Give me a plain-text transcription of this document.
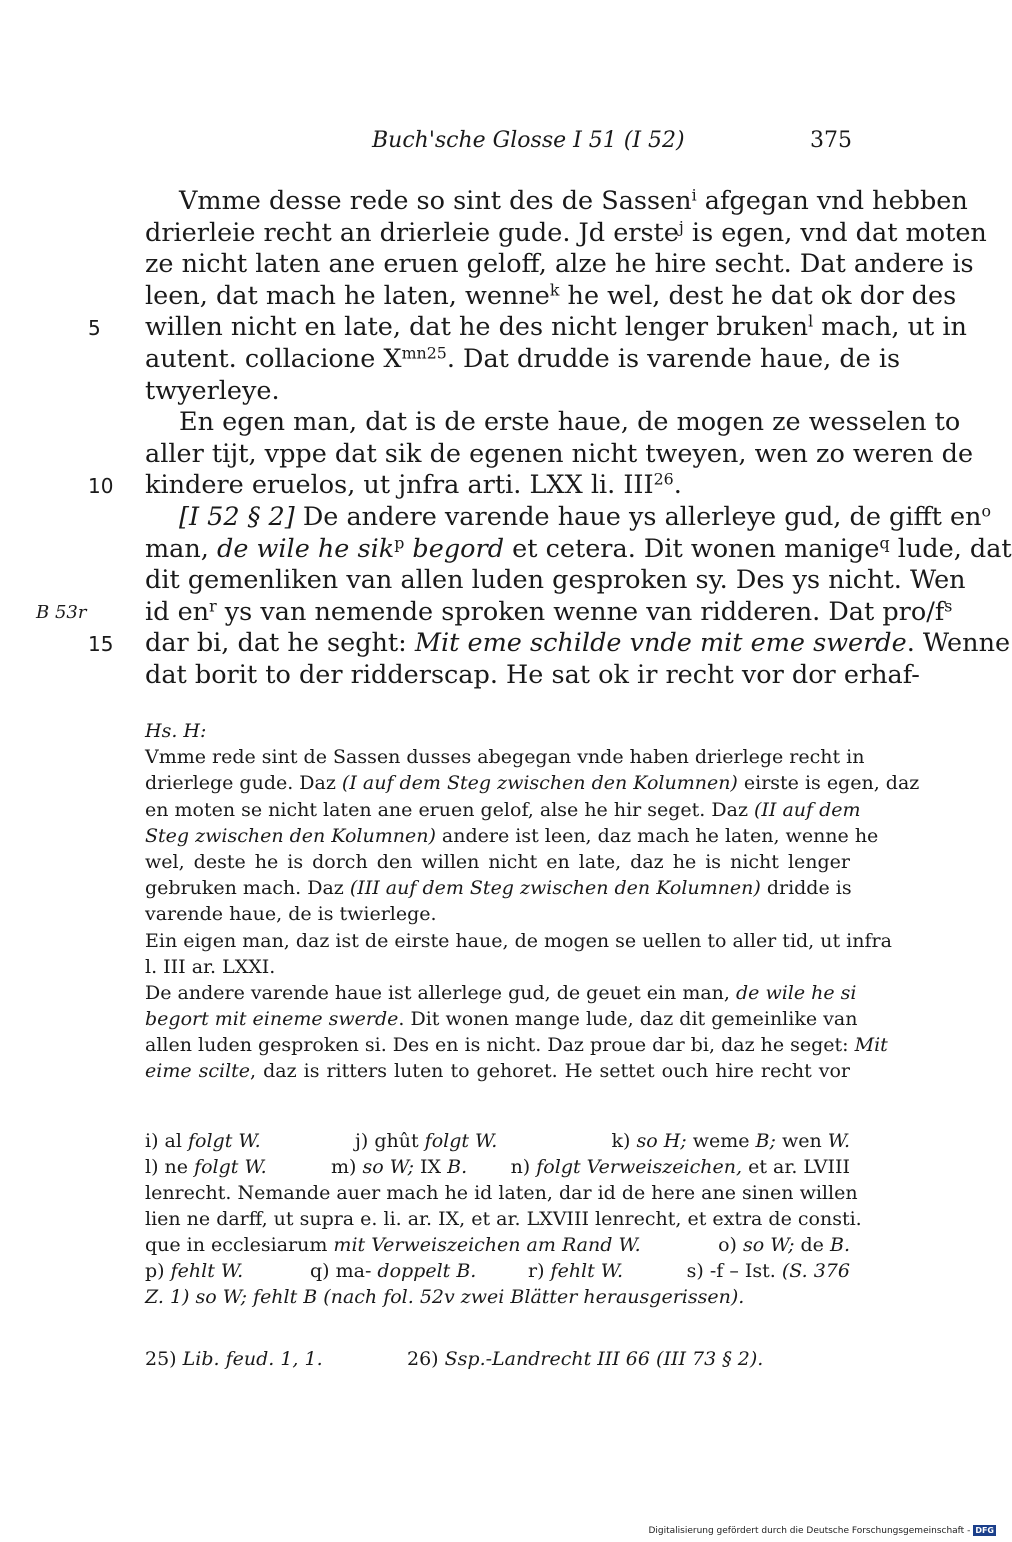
Buch'sche Glosse I 51 (I 52)	375
Vmme desse rede so sint des de Sassen$^i$ afgegan vnd hebben
drierleie recht an drierleie gude. Jd erste$^j$ is egen, vnd dat moten
ze nicht laten ane eruen geloff, alze he hire secht. Dat andere is
leen, dat mach he laten, wenne$^k$ he wel, dest he dat ok dor des
willen nicht en late, dat he des nicht lenger bruken$^l$ mach, ut in
autent. collacione $X^{mn25}$. Dat drudde is varende haue, de is
twyerleye.
En egen man, dat is de erste haue, de mogen ze wesselen to
aller tijt, vppe dat sik de egenen nicht tweyen, wen zo weren de
kindere eruelos, ut jnfra arti. LXX li. III$^{26}$.
[I 52 § 2] De andere varende haue ys allerleye gud, de gifft $en^o$
man, de wile he sik$^p$ begord et cetera. Dit wonen manige$^q$ lude, dat
dit gemenliken van allen luden gesproken sy. Des ys nicht. Wen
id $en^r$ ys van nemende sproken wenne van ridderen. Dat pro/$f^s$
dar bi, dat he seght: Mit eme schilde vnde mit eme swerde. Wenne
dat borit to der ridderscap. He sat ok ir recht vor dor erhaf-
5
10
15
B 53r
Hs. H:
Vmme rede sint de Sassen dusses abegegan vnde haben drierlege recht in
drierlege gude. Daz (I auf dem Steg zwischen den Kolumnen) eirste is egen, daz
en moten se nicht laten ane eruen gelof, alse he hir seget. Daz (II auf dem
Steg zwischen den Kolumnen) andere ist leen, daz mach he laten, wenne he
wel, deste he is dorch den willen nicht en late, daz he is nicht lenger
gebruken mach. Daz (III auf dem Steg zwischen den Kolumnen) dridde is
varende haue, de is twierlege.
Ein eigen man, daz ist de eirste haue, de mogen se uellen to aller tid, ut infra
l. III ar. LXXI.
De andere varende haue ist allerlege gud, de geuet ein man, de wile he si
begort mit eineme swerde. Dit wonen mange lude, daz dit gemeinlike van
allen luden gesproken si. Des en is nicht. Daz proue dar bi, daz he seget: Mit
eime scilte, daz is ritters luten to gehoret. He settet ouch hire recht vor
i) al folgt W.	j) ghût folgt W.	k) so H; weme B; wen W.
l) ne folgt W.	m) so W; IX B. n) folgt Verweiszeichen, et ar. LVIII
lenrecht. Nemande auer mach he id laten, dar id de here ane sinen willen
lien ne darff, ut supra e. li. ar. IX, et ar. LXVIII lenrecht, et extra de consti.
que in ecclesiarum mit Verweiszeichen am Rand W.	o) so W; de B.
p) fehlt W.	q) ma- doppelt B.	r) fehlt W.	s) -f – Ist. (S. 376
Z. 1) so W; fehlt B (nach fol. 52v zwei Blätter herausgerissen).
25) Lib. feud. 1, 1.	26) Ssp.-Landrecht III 66 (III 73 § 2).
Digitalisierung gefördert durch die Deutsche Forschungsgemeinschaft - DFG
